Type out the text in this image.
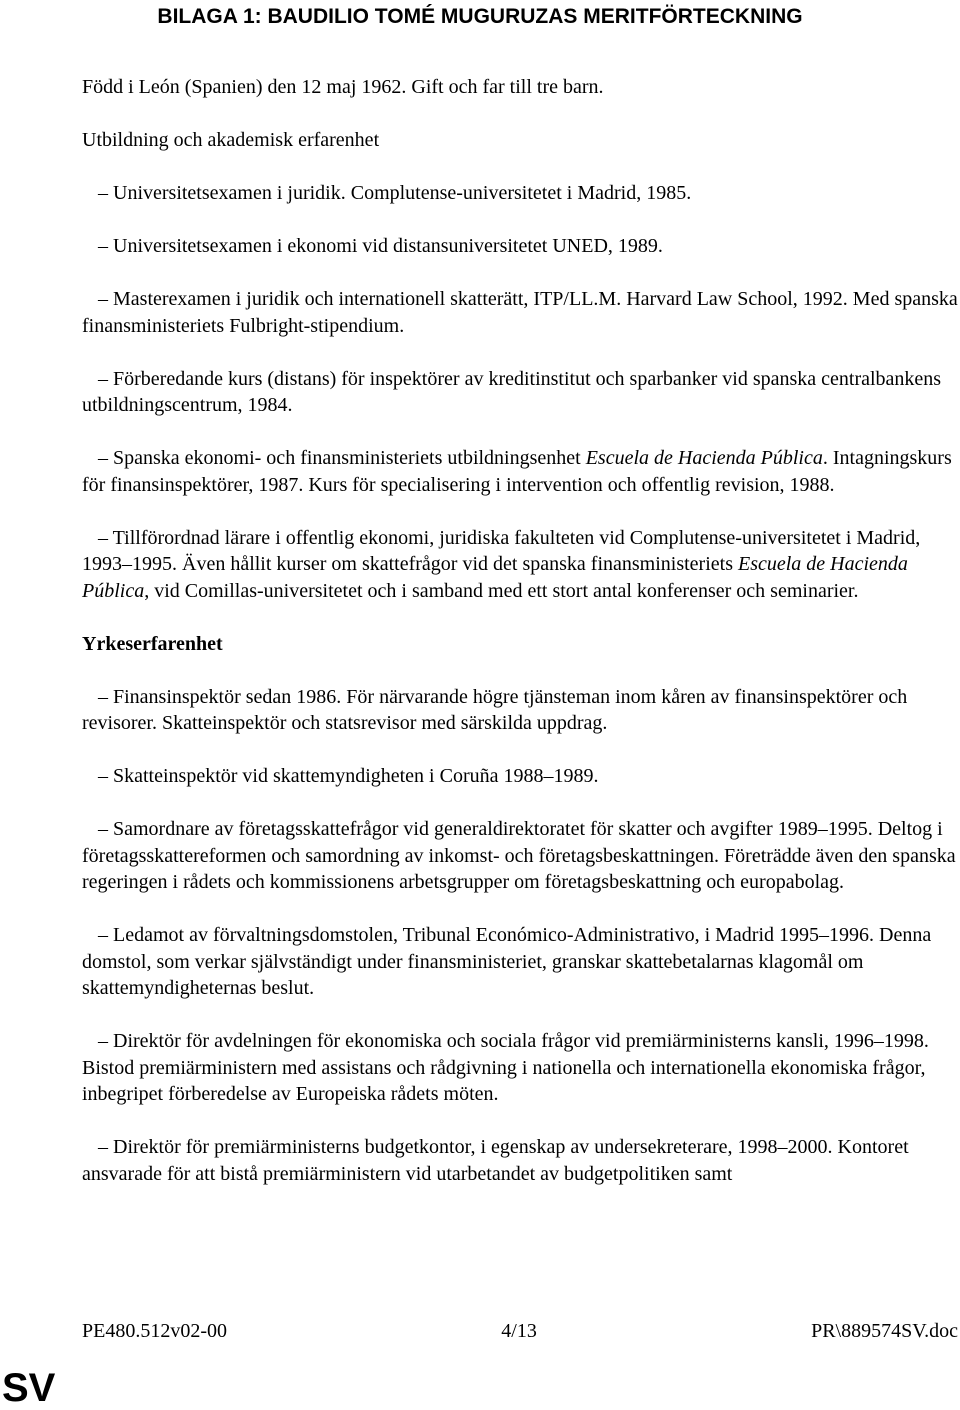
BILAGA 1: BAUDILIO TOMÉ MUGURUZAS MERITFÖRTECKNING

Född i León (Spanien) den 12 maj 1962. Gift och far till tre barn.

Utbildning och akademisk erfarenhet

– Universitetsexamen i juridik. Complutense-universitetet i Madrid, 1985.

– Universitetsexamen i ekonomi vid distansuniversitetet UNED, 1989.

– Masterexamen i juridik och internationell skatterätt, ITP/LL.M. Harvard Law School, 1992. Med spanska finansministeriets Fulbright-stipendium.

– Förberedande kurs (distans) för inspektörer av kreditinstitut och sparbanker vid spanska centralbankens utbildningscentrum, 1984.

– Spanska ekonomi- och finansministeriets utbildningsenhet Escuela de Hacienda Pública. Intagningskurs för finansinspektörer, 1987. Kurs för specialisering i intervention och offentlig revision, 1988.

– Tillförordnad lärare i offentlig ekonomi, juridiska fakulteten vid Complutense-universitetet i Madrid, 1993–1995. Även hållit kurser om skattefrågor vid det spanska finansministeriets Escuela de Hacienda Pública, vid Comillas-universitetet och i samband med ett stort antal konferenser och seminarier.

Yrkeserfarenhet

– Finansinspektör sedan 1986. För närvarande högre tjänsteman inom kåren av finansinspektörer och revisorer. Skatteinspektör och statsrevisor med särskilda uppdrag.

– Skatteinspektör vid skattemyndigheten i Coruña 1988–1989.

– Samordnare av företagsskattefrågor vid generaldirektoratet för skatter och avgifter 1989–1995. Deltog i företagsskattereformen och samordning av inkomst- och företagsbeskattningen. Företrädde även den spanska regeringen i rådets och kommissionens arbetsgrupper om företagsbeskattning och europabolag.

– Ledamot av förvaltningsdomstolen, Tribunal Económico-Administrativo, i Madrid 1995–1996. Denna domstol, som verkar självständigt under finansministeriet, granskar skattebetalarnas klagomål om skattemyndigheternas beslut.

– Direktör för avdelningen för ekonomiska och sociala frågor vid premiärministerns kansli, 1996–1998. Bistod premiärministern med assistans och rådgivning i nationella och internationella ekonomiska frågor, inbegripet förberedelse av Europeiska rådets möten.

– Direktör för premiärministerns budgetkontor, i egenskap av undersekreterare, 1998–2000. Kontoret ansvarade för att bistå premiärministern vid utarbetandet av budgetpolitiken samt

PE480.512v02-00	4/13	PR\889574SV.doc
SV
